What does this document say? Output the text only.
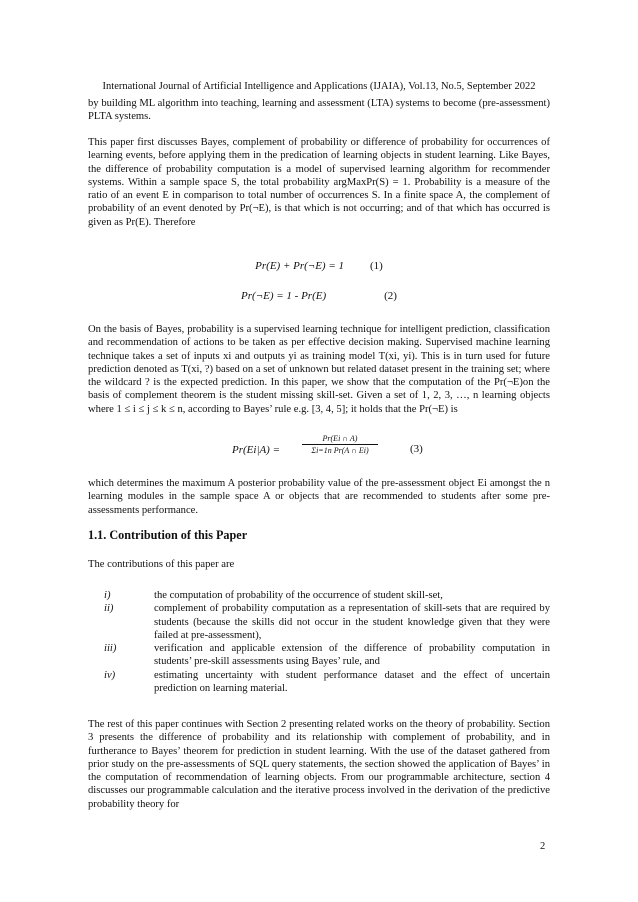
International Journal of Artificial Intelligence and Applications (IJAIA), Vol.13, No.5, September 2022

by building ML algorithm into teaching, learning and assessment (LTA) systems to become (pre-assessment) PLTA systems.

This paper first discusses Bayes, complement of probability or difference of probability for occurrences of learning events, before applying them in the predication of learning objects in student learning. Like Bayes, the difference of probability computation is a model of supervised learning algorithm for recommender systems. Within a sample space S, the total probability argMaxPr(S) = 1. Probability is a measure of the ratio of an event E in comparison to total number of occurrences S. In a finite space A, the complement of probability of an event denoted by Pr(¬E), is that which is not occurring; and of that which has occurred is given as Pr(E). Therefore

Pr(E) + Pr(¬E) = 1 (1)
Pr(¬E) = 1 - Pr(E)	(2)

On the basis of Bayes, probability is a supervised learning technique for intelligent prediction, classification and recommendation of actions to be taken as per effective decision making. Supervised machine learning technique takes a set of inputs xi and outputs yi as training model T(xi, yi). This is in turn used for future prediction denoted as T(xi, ?) based on a set of unknown but related dataset present in the training set; where the wildcard ? is the expected prediction. In this paper, we show that the computation of the Pr(¬E)on the basis of complement theorem is the student missing skill-set. Given a set of 1, 2, 3, …, n learning objects where 1 ≤ i ≤ j ≤ k ≤ n, according to Bayes’ rule e.g. [3, 4, 5]; it holds that the Pr(¬E) is

Pr(Ei|A) =	$\frac{Pr(Ei \cap A)}{\text{Σi=1n Pr(A ∩ Ei)}}$	(3)

which determines the maximum A posterior probability value of the pre-assessment object Ei amongst the n learning modules in the sample space A or objects that are recommended to students after some pre-assessments performance.

1.1. Contribution of this Paper

The contributions of this paper are

i)	the computation of probability of the occurrence of student skill-set,
ii)	complement of probability computation as a representation of skill-sets that are required by students (because the skills did not occur in the student knowledge given that they were failed at pre-assessment),
iii)	verification and applicable extension of the difference of probability computation in students’ pre-skill assessments using Bayes’ rule, and
iv)	estimating uncertainty with student performance dataset and the effect of uncertain prediction on learning material.

The rest of this paper continues with Section 2 presenting related works on the theory of probability. Section 3 presents the difference of probability and its relationship with complement of probability, and in furtherance to Bayes’ theorem for prediction in student learning. With the use of the dataset gathered from prior study on the pre-assessments of SQL query statements, the section showed the application of Bayes’ in the computation of recommendation of learning objects. From our programmable architecture, section 4 discusses our programmable calculation and the iterative process involved in the derivation of the predictive probability theory for

2
